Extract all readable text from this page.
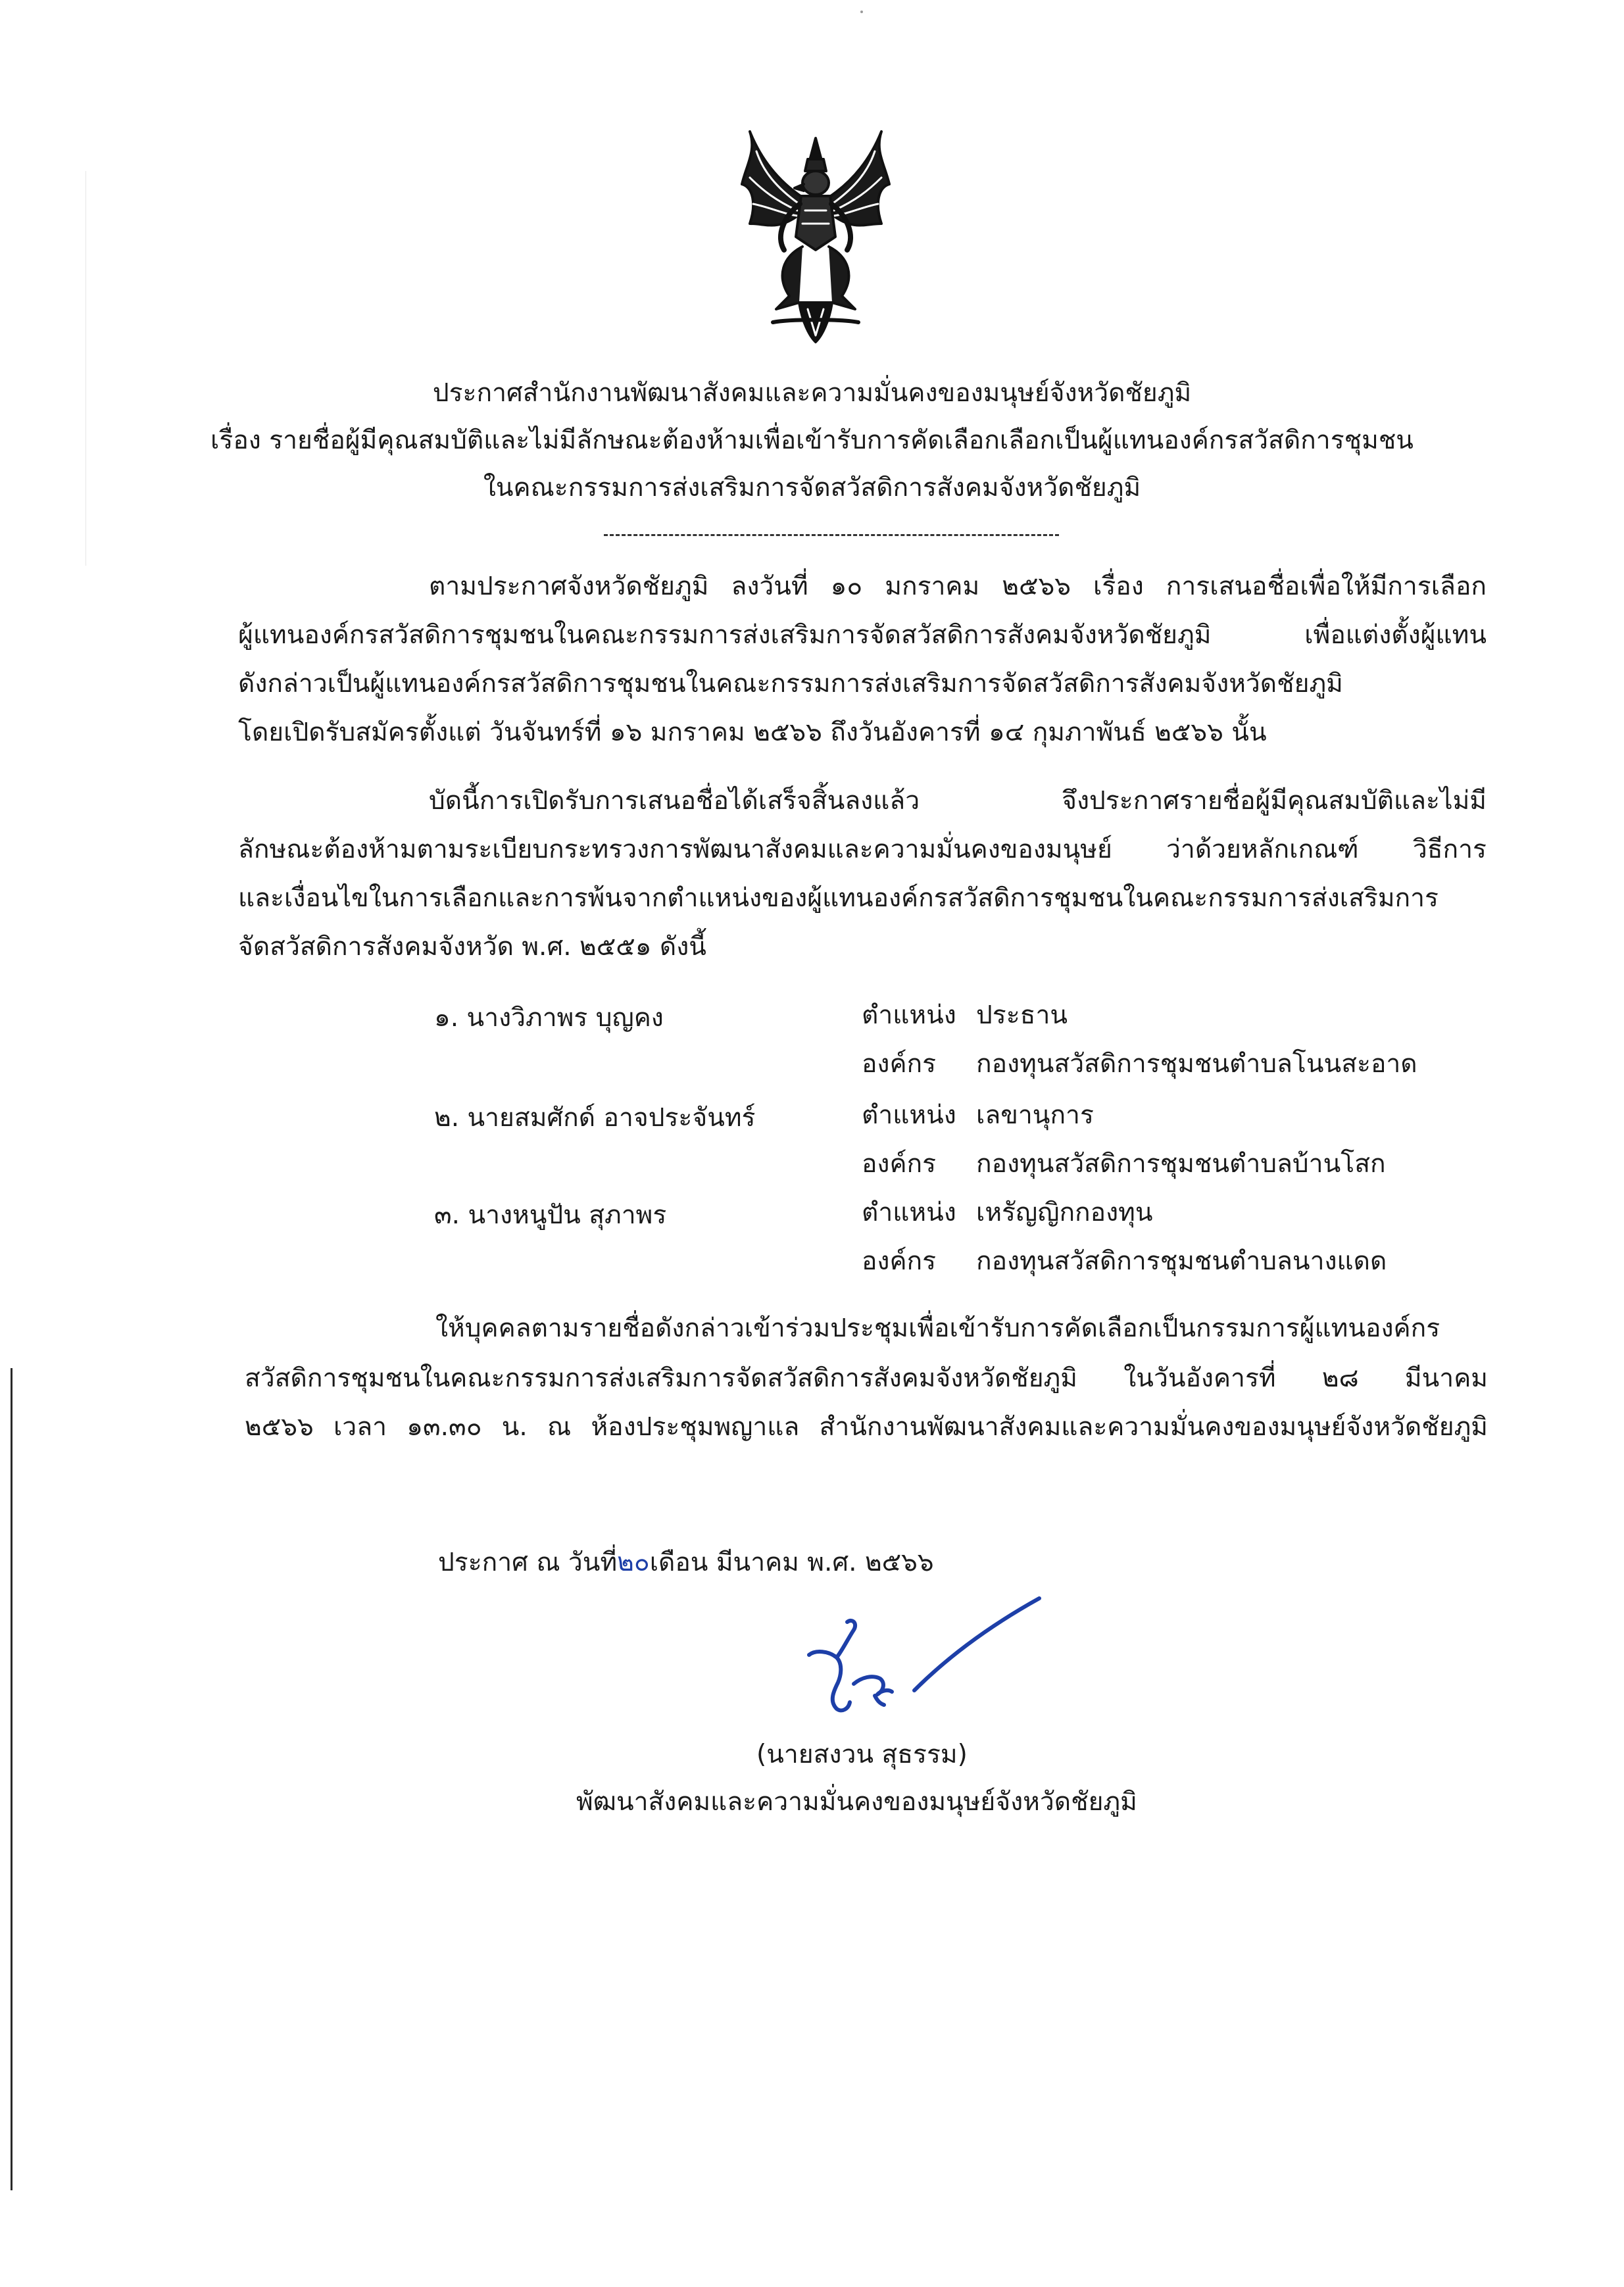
ประกาศสำนักงานพัฒนาสังคมและความมั่นคงของมนุษย์จังหวัดชัยภูมิ
เรื่อง รายชื่อผู้มีคุณสมบัติและไม่มีลักษณะต้องห้ามเพื่อเข้ารับการคัดเลือกเลือกเป็นผู้แทนองค์กรสวัสดิการชุมชน
ในคณะกรรมการส่งเสริมการจัดสวัสดิการสังคมจังหวัดชัยภูมิ
ตามประกาศจังหวัดชัยภูมิ ลงวันที่ ๑๐ มกราคม ๒๕๖๖ เรื่อง การเสนอชื่อเพื่อให้มีการเลือก
ผู้แทนองค์กรสวัสดิการชุมชนในคณะกรรมการส่งเสริมการจัดสวัสดิการสังคมจังหวัดชัยภูมิ เพื่อแต่งตั้งผู้แทน
ดังกล่าวเป็นผู้แทนองค์กรสวัสดิการชุมชนในคณะกรรมการส่งเสริมการจัดสวัสดิการสังคมจังหวัดชัยภูมิ
โดยเปิดรับสมัครตั้งแต่ วันจันทร์ที่ ๑๖ มกราคม ๒๕๖๖ ถึงวันอังคารที่ ๑๔ กุมภาพันธ์ ๒๕๖๖ นั้น
บัดนี้การเปิดรับการเสนอชื่อได้เสร็จสิ้นลงแล้ว จึงประกาศรายชื่อผู้มีคุณสมบัติและไม่มี
ลักษณะต้องห้ามตามระเบียบกระทรวงการพัฒนาสังคมและความมั่นคงของมนุษย์ ว่าด้วยหลักเกณฑ์ วิธีการ
และเงื่อนไขในการเลือกและการพ้นจากตำแหน่งของผู้แทนองค์กรสวัสดิการชุมชนในคณะกรรมการส่งเสริมการ
จัดสวัสดิการสังคมจังหวัด พ.ศ. ๒๕๕๑ ดังนี้
๑. นางวิภาพร บุญคง	ตำแหน่ง ประธาน
องค์กร กองทุนสวัสดิการชุมชนตำบลโนนสะอาด
๒. นายสมศักด์ อาจประจันทร์	ตำแหน่ง เลขานุการ
องค์กร กองทุนสวัสดิการชุมชนตำบลบ้านโสก
๓. นางหนูปัน สุภาพร	ตำแหน่ง เหรัญญิกกองทุน
องค์กร กองทุนสวัสดิการชุมชนตำบลนางแดด
ให้บุคคลตามรายชื่อดังกล่าวเข้าร่วมประชุมเพื่อเข้ารับการคัดเลือกเป็นกรรมการผู้แทนองค์กร
สวัสดิการชุมชนในคณะกรรมการส่งเสริมการจัดสวัสดิการสังคมจังหวัดชัยภูมิ ในวันอังคารที่ ๒๘ มีนาคม
๒๕๖๖ เวลา ๑๓.๓๐ น. ณ ห้องประชุมพญาแล สำนักงานพัฒนาสังคมและความมั่นคงของมนุษย์จังหวัดชัยภูมิ
ประกาศ ณ วันที่๒๐เดือน มีนาคม พ.ศ. ๒๕๖๖
(นายสงวน สุธรรม)
พัฒนาสังคมและความมั่นคงของมนุษย์จังหวัดชัยภูมิ
